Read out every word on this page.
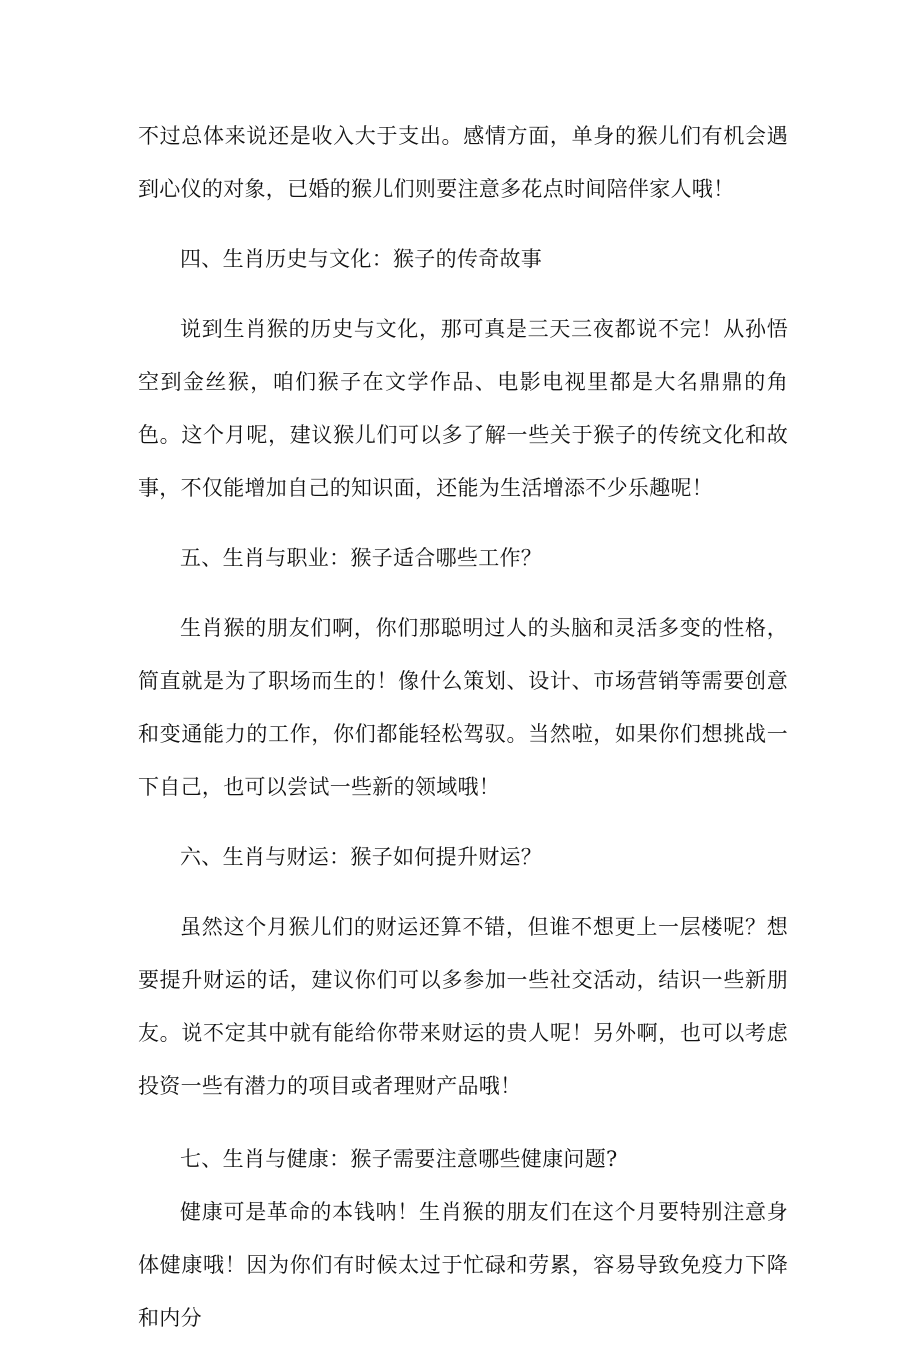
不过总体来说还是收入大于支出。感情方面，单身的猴儿们有机会遇到心仪的对象，已婚的猴儿们则要注意多花点时间陪伴家人哦！

四、生肖历史与文化：猴子的传奇故事

说到生肖猴的历史与文化，那可真是三天三夜都说不完！从孙悟空到金丝猴，咱们猴子在文学作品、电影电视里都是大名鼎鼎的角色。这个月呢，建议猴儿们可以多了解一些关于猴子的传统文化和故事，不仅能增加自己的知识面，还能为生活增添不少乐趣呢！

五、生肖与职业：猴子适合哪些工作？

生肖猴的朋友们啊，你们那聪明过人的头脑和灵活多变的性格，简直就是为了职场而生的！像什么策划、设计、市场营销等需要创意和变通能力的工作，你们都能轻松驾驭。当然啦，如果你们想挑战一下自己，也可以尝试一些新的领域哦！

六、生肖与财运：猴子如何提升财运？

虽然这个月猴儿们的财运还算不错，但谁不想更上一层楼呢？想要提升财运的话，建议你们可以多参加一些社交活动，结识一些新朋友。说不定其中就有能给你带来财运的贵人呢！另外啊，也可以考虑投资一些有潜力的项目或者理财产品哦！

七、生肖与健康：猴子需要注意哪些健康问题?

健康可是革命的本钱呐！生肖猴的朋友们在这个月要特别注意身体健康哦！因为你们有时候太过于忙碌和劳累，容易导致免疫力下降和内分
